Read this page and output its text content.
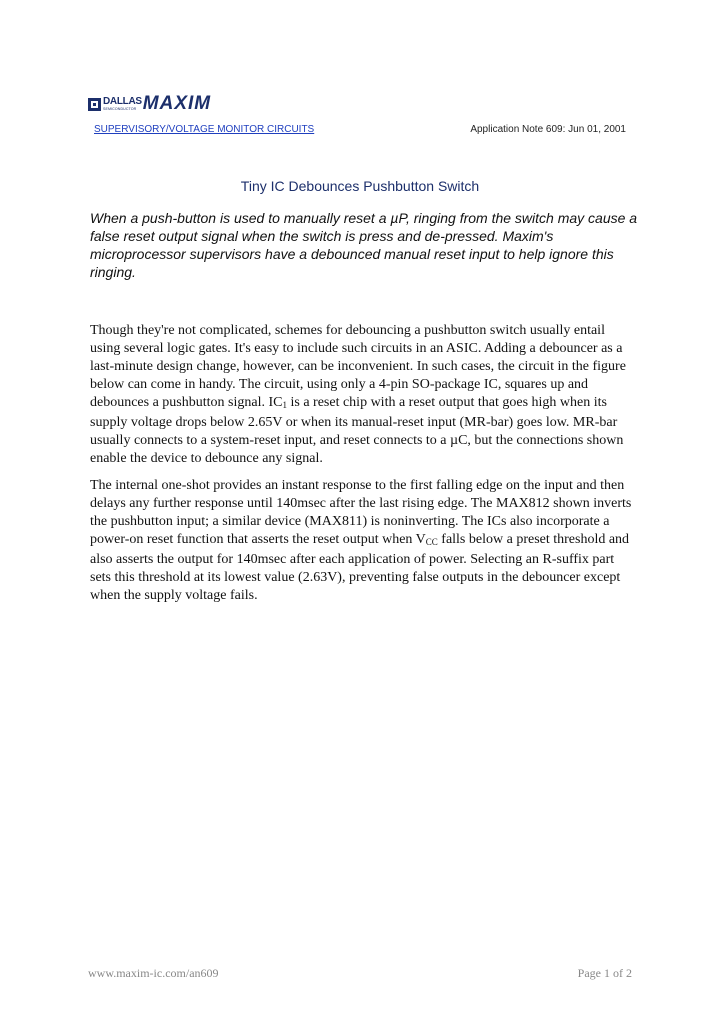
DALLAS
SEMICONDUCTOR MAXIM
SUPERVISORY/VOLTAGE MONITOR CIRCUITS	Application Note 609: Jun 01, 2001
Tiny IC Debounces Pushbutton Switch
When a push-button is used to manually reset a µP, ringing from the switch may cause a false reset output signal when the switch is press and de-pressed. Maxim's microprocessor supervisors have a debounced manual reset input to help ignore this ringing.
Though they're not complicated, schemes for debouncing a pushbutton switch usually entail using several logic gates. It's easy to include such circuits in an ASIC. Adding a debouncer as a last-minute design change, however, can be inconvenient. In such cases, the circuit in the figure below can come in handy. The circuit, using only a 4-pin SO-package IC, squares up and debounces a pushbutton signal. $IC_1$ is a reset chip with a reset output that goes high when its supply voltage drops below 2.65V or when its manual-reset input (MR-bar) goes low. MR-bar usually connects to a system-reset input, and reset connects to a µC, but the connections shown enable the device to debounce any signal.
The internal one-shot provides an instant response to the first falling edge on the input and then delays any further response until 140msec after the last rising edge. The MAX812 shown inverts the pushbutton input; a similar device (MAX811) is noninverting. The ICs also incorporate a power-on reset function that asserts the reset output when $V_{CC}$ falls below a preset threshold and also asserts the output for 140msec after each application of power. Selecting an R-suffix part sets this threshold at its lowest value (2.63V), preventing false outputs in the debouncer except when the supply voltage fails.
www.maxim-ic.com/an609	Page 1 of 2
